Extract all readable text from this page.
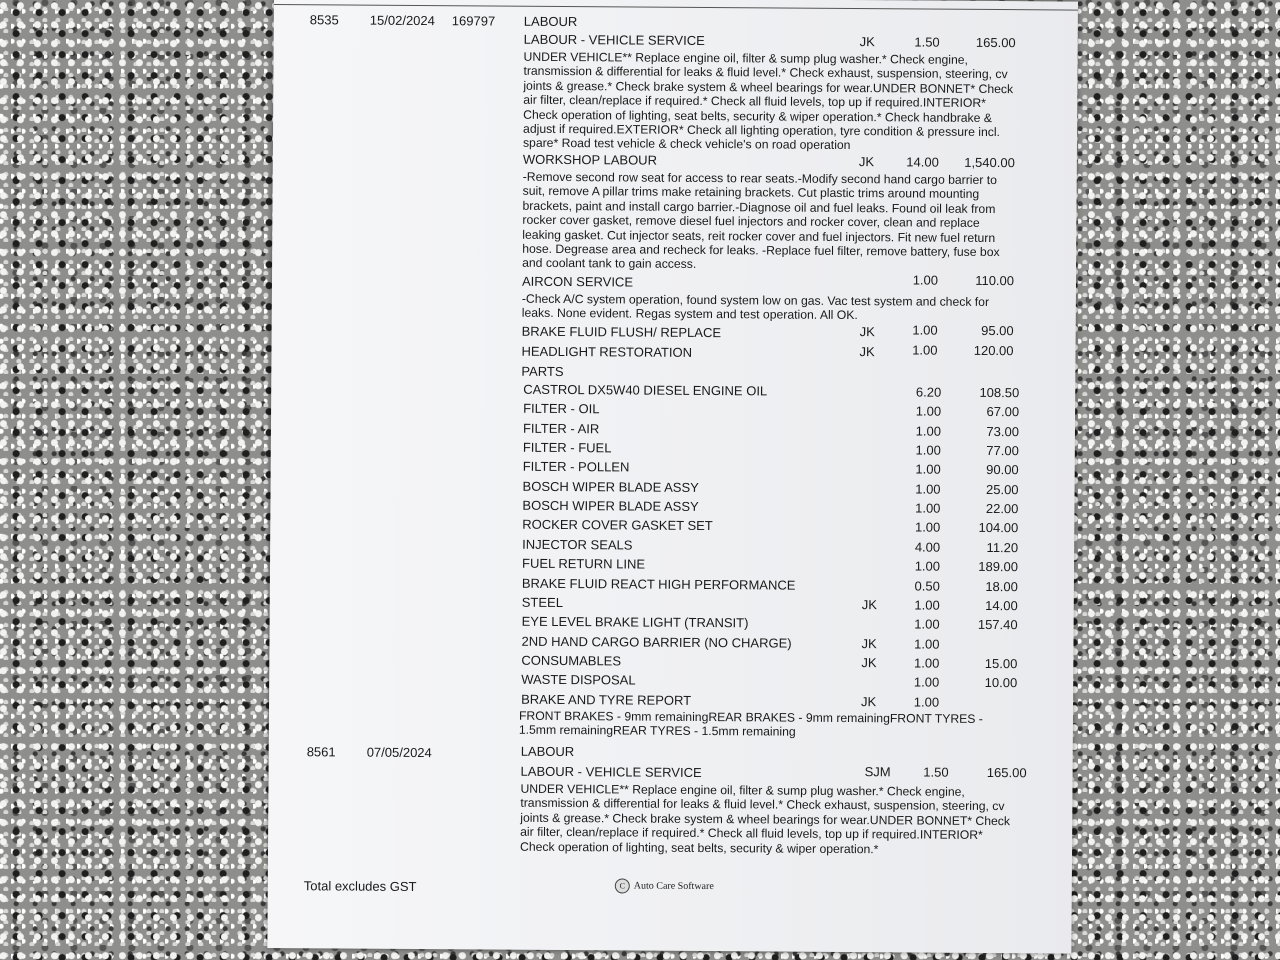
8535 15/02/2024 169797 LABOUR
LABOUR - VEHICLE SERVICE	JK	1.50	165.00
UNDER VEHICLE** Replace engine oil, filter & sump plug washer.* Check engine, transmission & differential for leaks & fluid level.* Check exhaust, suspension, steering, cv joints & grease.* Check brake system & wheel bearings for wear.UNDER BONNET* Check air filter, clean/replace if required.* Check all fluid levels, top up if required.INTERIOR* Check operation of lighting, seat belts, security & wiper operation.* Check handbrake & adjust if required.EXTERIOR* Check all lighting operation, tyre condition & pressure incl. spare* Road test vehicle & check vehicle's on road operation
WORKSHOP LABOUR	JK	14.00	1,540.00
-Remove second row seat for access to rear seats.-Modify second hand cargo barrier to suit, remove A pillar trims make retaining brackets. Cut plastic trims around mounting brackets, paint and install cargo barrier.-Diagnose oil and fuel leaks. Found oil leak from rocker cover gasket, remove diesel fuel injectors and rocker cover, clean and replace leaking gasket. Cut injector seats, reit rocker cover and fuel injectors. Fit new fuel return hose. Degrease area and recheck for leaks. -Replace fuel filter, remove battery, fuse box and coolant tank to gain access.
AIRCON SERVICE	1.00	110.00
-Check A/C system operation, found system low on gas. Vac test system and check for leaks. None evident. Regas system and test operation. All OK.
BRAKE FLUID FLUSH/ REPLACE	JK	1.00	95.00
HEADLIGHT RESTORATION	JK	1.00	120.00
PARTS
CASTROL DX5W40 DIESEL ENGINE OIL	6.20	108.50
FILTER - OIL	1.00	67.00
FILTER - AIR	1.00	73.00
FILTER - FUEL	1.00	77.00
FILTER - POLLEN	1.00	90.00
BOSCH WIPER BLADE ASSY	1.00	25.00
BOSCH WIPER BLADE ASSY	1.00	22.00
ROCKER COVER GASKET SET	1.00	104.00
INJECTOR SEALS	4.00	11.20
FUEL RETURN LINE	1.00	189.00
BRAKE FLUID REACT HIGH PERFORMANCE	0.50	18.00
STEEL	JK	1.00	14.00
EYE LEVEL BRAKE LIGHT (TRANSIT)	1.00	157.40
2ND HAND CARGO BARRIER (NO CHARGE)	JK	1.00
CONSUMABLES	JK	1.00	15.00
WASTE DISPOSAL	1.00	10.00
BRAKE AND TYRE REPORT	JK	1.00
FRONT BRAKES - 9mm remainingREAR BRAKES - 9mm remainingFRONT TYRES - 1.5mm remainingREAR TYRES - 1.5mm remaining
8561 07/05/2024	LABOUR
LABOUR - VEHICLE SERVICE	SJM	1.50	165.00
UNDER VEHICLE** Replace engine oil, filter & sump plug washer.* Check engine, transmission & differential for leaks & fluid level.* Check exhaust, suspension, steering, cv joints & grease.* Check brake system & wheel bearings for wear.UNDER BONNET* Check air filter, clean/replace if required.* Check all fluid levels, top up if required.INTERIOR* Check operation of lighting, seat belts, security & wiper operation.*
Total excludes GST	C Auto Care Software
